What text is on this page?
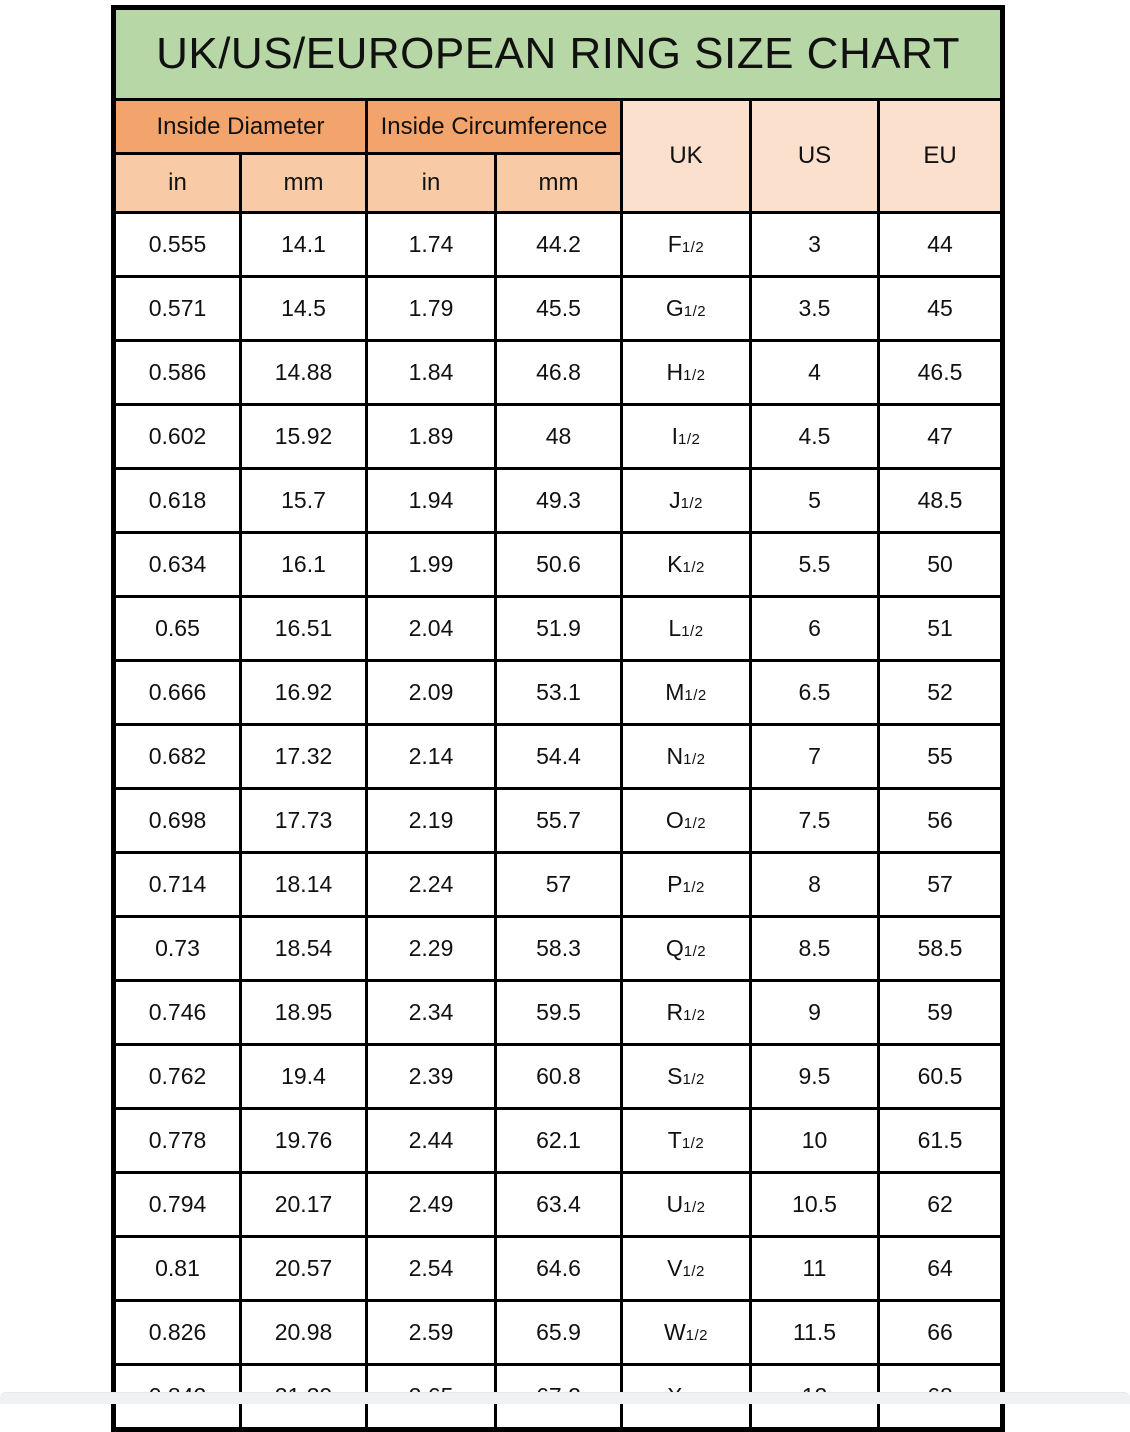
UK/US/EUROPEAN RING SIZE CHART						
Inside Diameter		Inside Circumference		UK	US	EU
in	mm	in	mm			
0.555	14.1	1.74	44.2	F1/2	3	44
0.571	14.5	1.79	45.5	G1/2	3.5	45
0.586	14.88	1.84	46.8	H1/2	4	46.5
0.602	15.92	1.89	48	I1/2	4.5	47
0.618	15.7	1.94	49.3	J1/2	5	48.5
0.634	16.1	1.99	50.6	K1/2	5.5	50
0.65	16.51	2.04	51.9	L1/2	6	51
0.666	16.92	2.09	53.1	M1/2	6.5	52
0.682	17.32	2.14	54.4	N1/2	7	55
0.698	17.73	2.19	55.7	O1/2	7.5	56
0.714	18.14	2.24	57	P1/2	8	57
0.73	18.54	2.29	58.3	Q1/2	8.5	58.5
0.746	18.95	2.34	59.5	R1/2	9	59
0.762	19.4	2.39	60.8	S1/2	9.5	60.5
0.778	19.76	2.44	62.1	T1/2	10	61.5
0.794	20.17	2.49	63.4	U1/2	10.5	62
0.81	20.57	2.54	64.6	V1/2	11	64
0.826	20.98	2.59	65.9	W1/2	11.5	66
